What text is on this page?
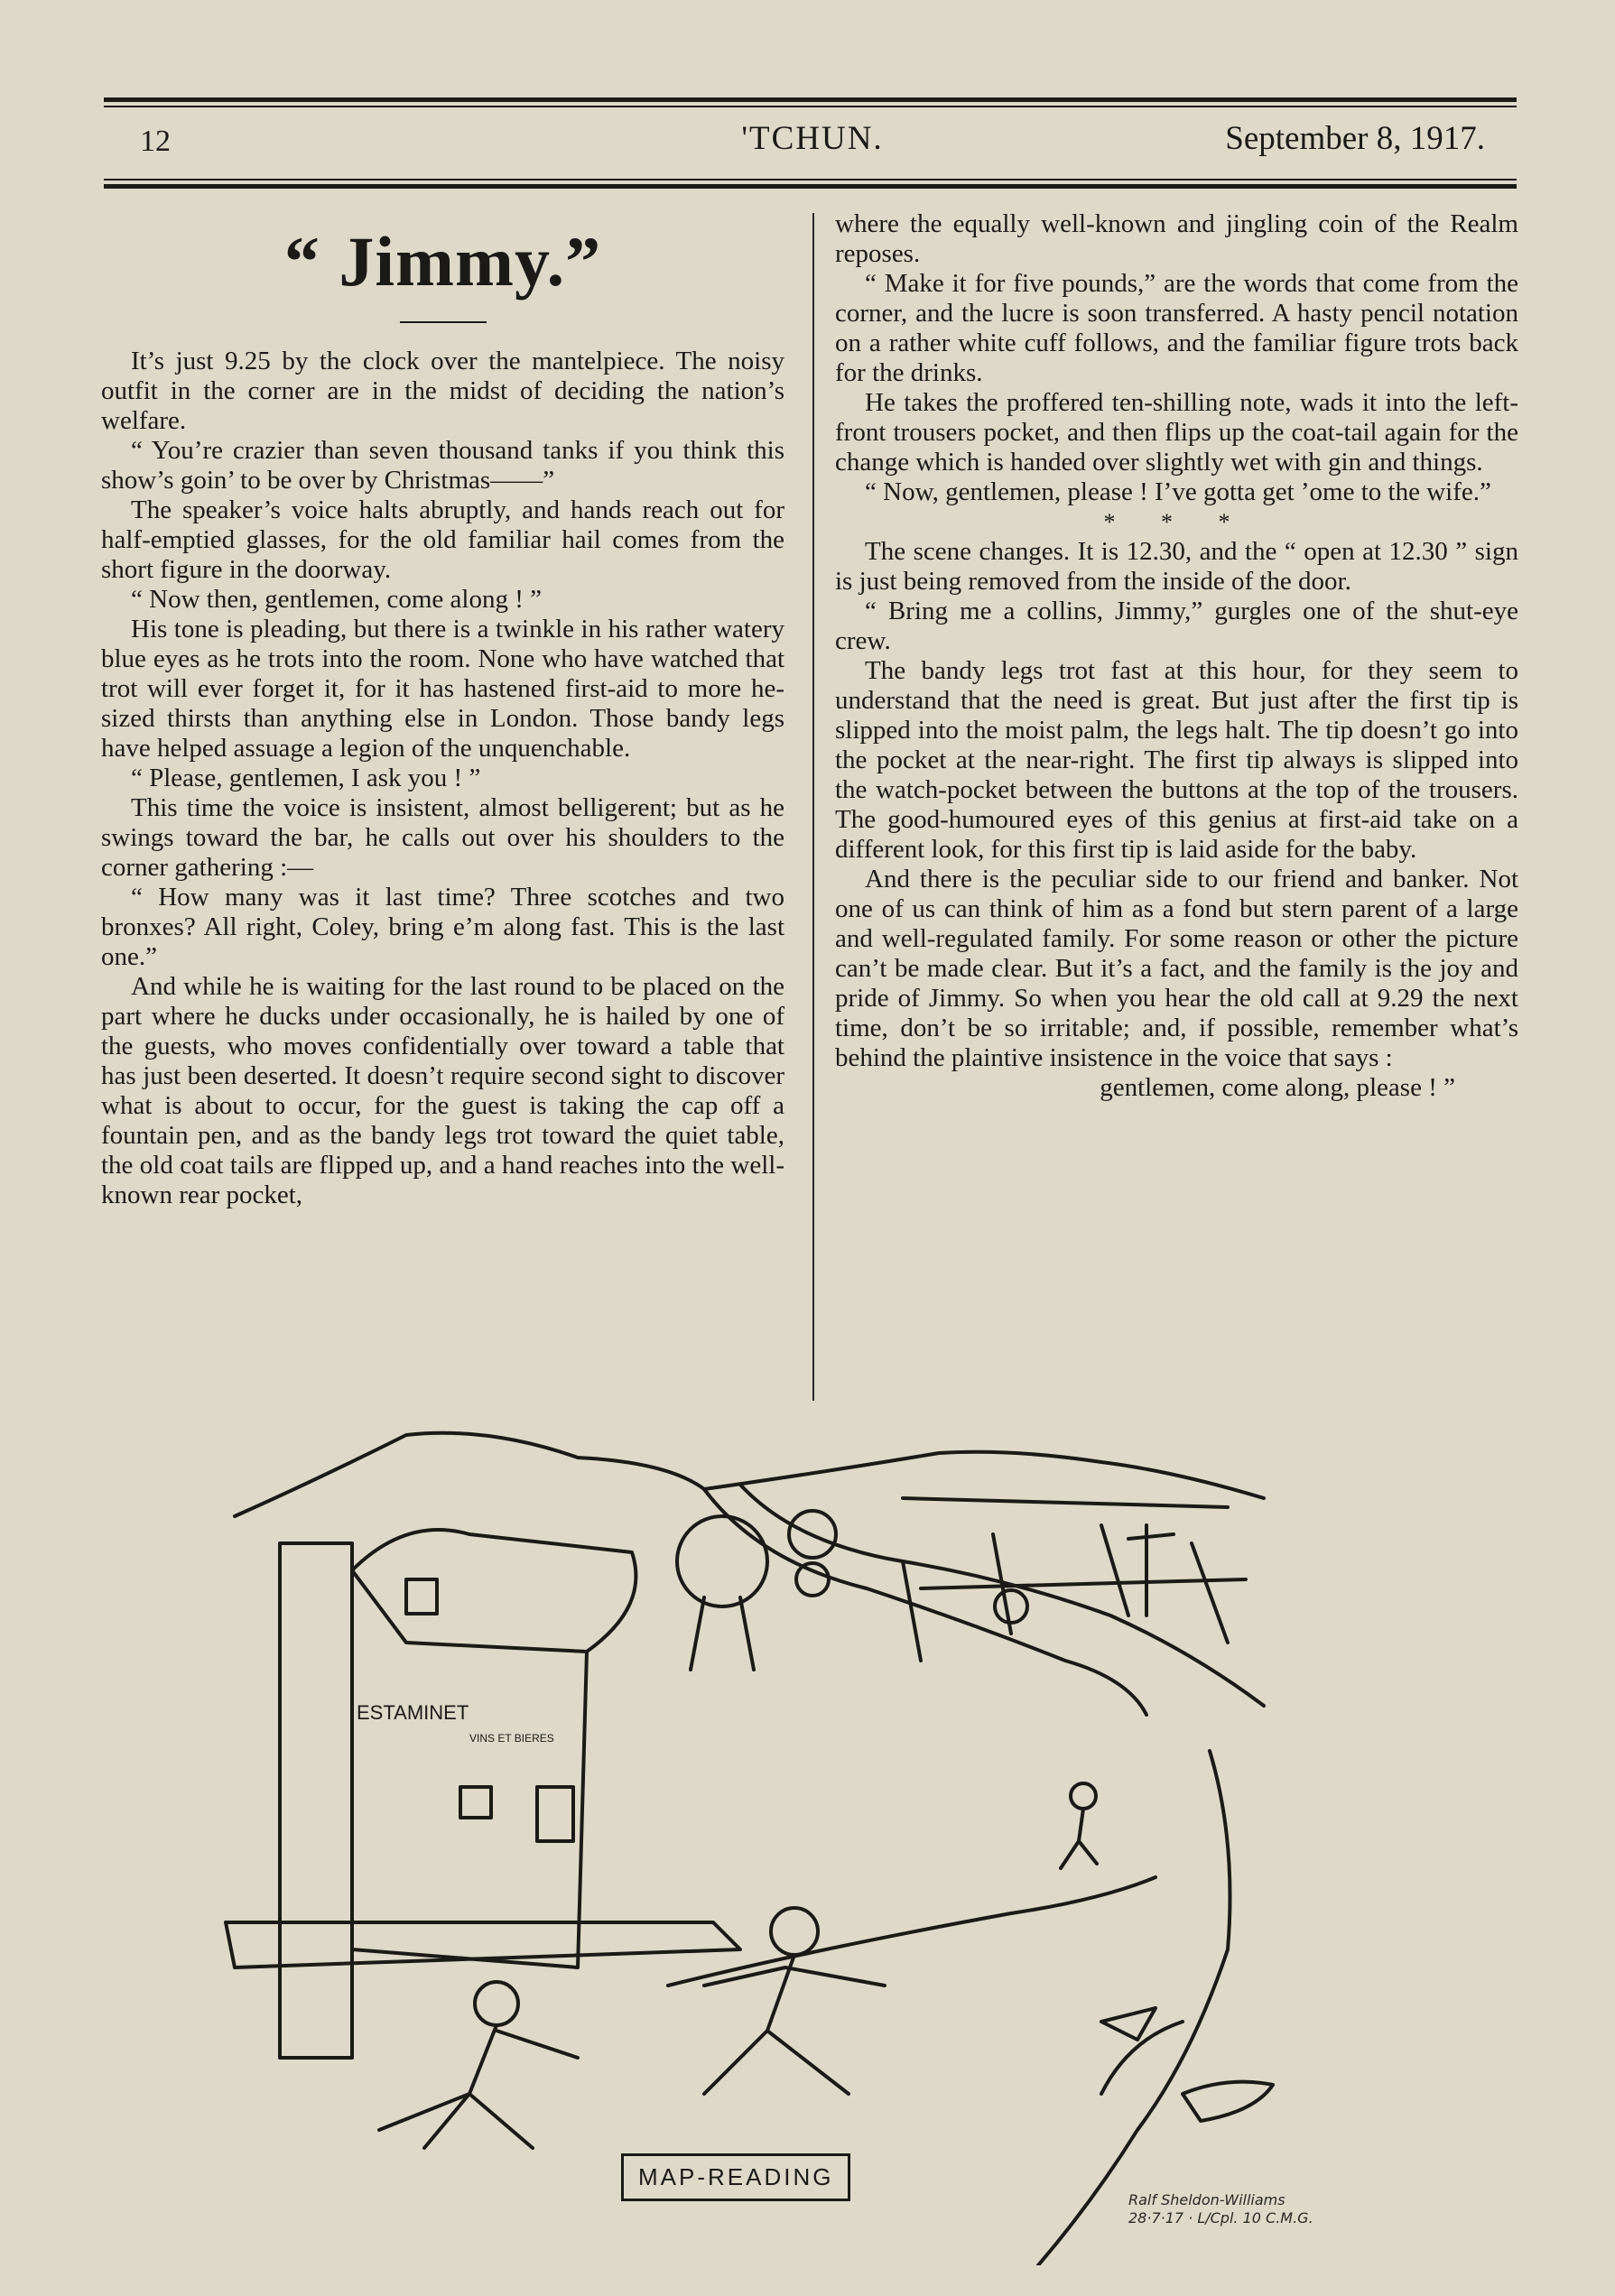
12	'TCHUN.	September 8, 1917.
“ Jimmy.”

It’s just 9.25 by the clock over the mantelpiece. The noisy outfit in the corner are in the midst of deciding the nation’s welfare.

“ You’re crazier than seven thousand tanks if you think this show’s goin’ to be over by Christmas——”

The speaker’s voice halts abruptly, and hands reach out for half-emptied glasses, for the old familiar hail comes from the short figure in the doorway.

“ Now then, gentlemen, come along ! ”

His tone is pleading, but there is a twinkle in his rather watery blue eyes as he trots into the room. None who have watched that trot will ever forget it, for it has hastened first-aid to more he-sized thirsts than anything else in London. Those bandy legs have helped assuage a legion of the unquenchable.

“ Please, gentlemen, I ask you ! ”

This time the voice is insistent, almost belligerent; but as he swings toward the bar, he calls out over his shoulders to the corner gathering :—

“ How many was it last time? Three scotches and two bronxes? All right, Coley, bring e’m along fast. This is the last one.”

And while he is waiting for the last round to be placed on the part where he ducks under occasionally, he is hailed by one of the guests, who moves confidentially over toward a table that has just been deserted. It doesn’t require second sight to discover what is about to occur, for the guest is taking the cap off a fountain pen, and as the bandy legs trot toward the quiet table, the old coat tails are flipped up, and a hand reaches into the well-known rear pocket,

where the equally well-known and jingling coin of the Realm reposes.

“ Make it for five pounds,” are the words that come from the corner, and the lucre is soon transferred. A hasty pencil notation on a rather white cuff follows, and the familiar figure trots back for the drinks.

He takes the proffered ten-shilling note, wads it into the left-front trousers pocket, and then flips up the coat-tail again for the change which is handed over slightly wet with gin and things.

“ Now, gentlemen, please ! I’ve gotta get ’ome to the wife.”

* * *

The scene changes. It is 12.30, and the “ open at 12.30 ” sign is just being removed from the inside of the door.

“ Bring me a collins, Jimmy,” gurgles one of the shut-eye crew.

The bandy legs trot fast at this hour, for they seem to understand that the need is great. But just after the first tip is slipped into the moist palm, the legs halt. The tip doesn’t go into the pocket at the near-right. The first tip always is slipped into the watch-pocket between the buttons at the top of the trousers. The good-humoured eyes of this genius at first-aid take on a different look, for this first tip is laid aside for the baby.

And there is the peculiar side to our friend and banker. Not one of us can think of him as a fond but stern parent of a large and well-regulated family. For some reason or other the picture can’t be made clear. But it’s a fact, and the family is the joy and pride of Jimmy. So when you hear the old call at 9.29 the next time, don’t be so irritable; and, if possible, remember what’s behind the plaintive insistence in the voice that says :

gentlemen, come along, please ! ”
ESTAMINET
VINS ET BIERES
MAP-READING
Ralf Sheldon-Williams
28·7·17 · L/Cpl. 10 C.M.G.
